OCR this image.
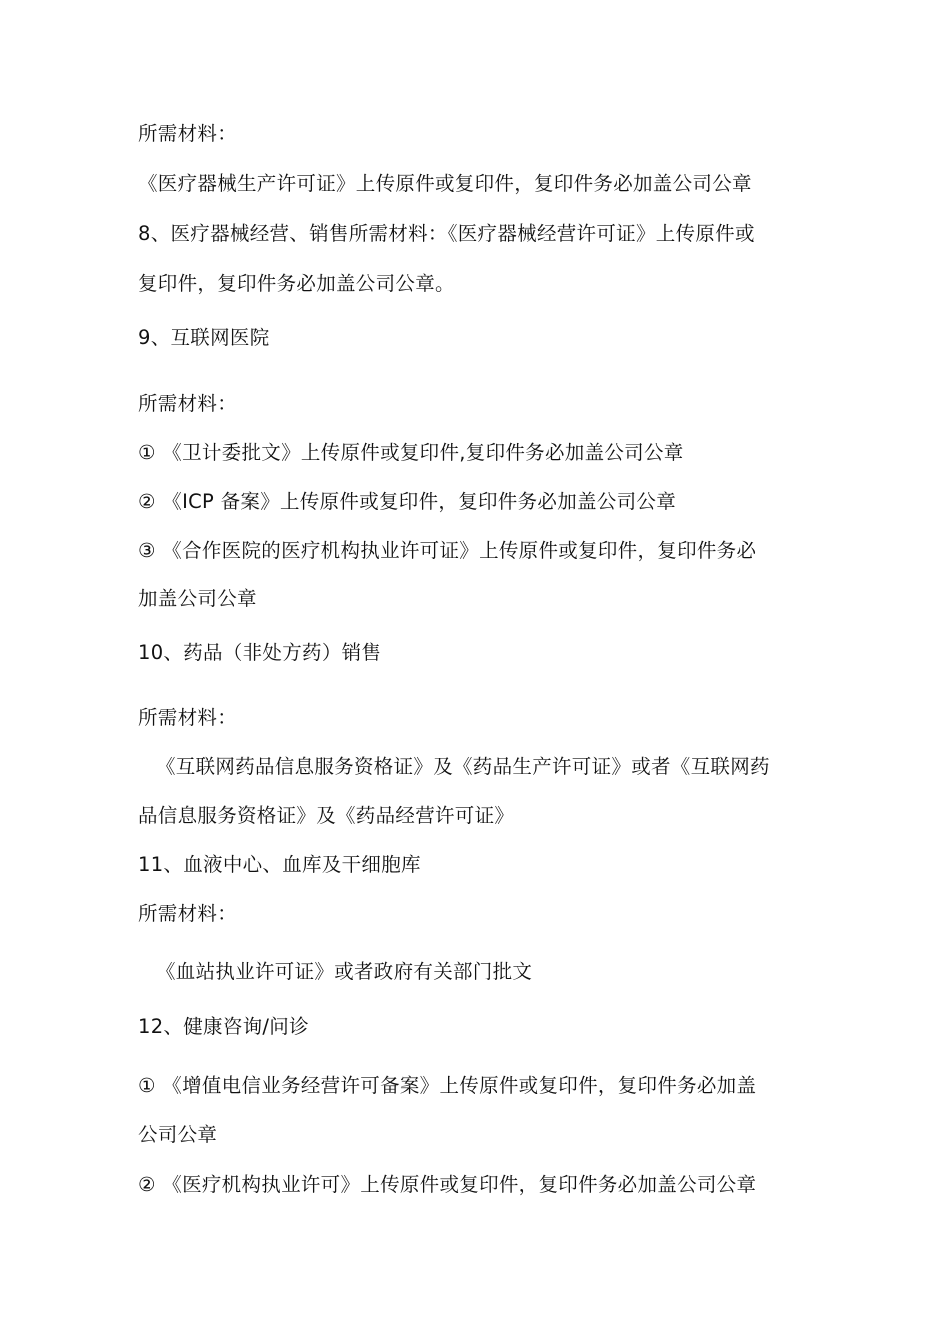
所需材料：
《医疗器械生产许可证》上传原件或复印件，复印件务必加盖公司公章
8、医疗器械经营、销售所需材料：《医疗器械经营许可证》上传原件或
复印件，复印件务必加盖公司公章。
9、互联网医院
所需材料：
① 《卫计委批文》上传原件或复印件,复印件务必加盖公司公章
② 《ICP 备案》上传原件或复印件，复印件务必加盖公司公章
③ 《合作医院的医疗机构执业许可证》上传原件或复印件，复印件务必
加盖公司公章
10、药品（非处方药）销售
所需材料：
《互联网药品信息服务资格证》及《药品生产许可证》或者《互联网药
品信息服务资格证》及《药品经营许可证》
11、血液中心、血库及干细胞库
所需材料：
《血站执业许可证》或者政府有关部门批文
12、健康咨询/问诊
① 《增值电信业务经营许可备案》上传原件或复印件，复印件务必加盖
公司公章
② 《医疗机构执业许可》上传原件或复印件，复印件务必加盖公司公章
